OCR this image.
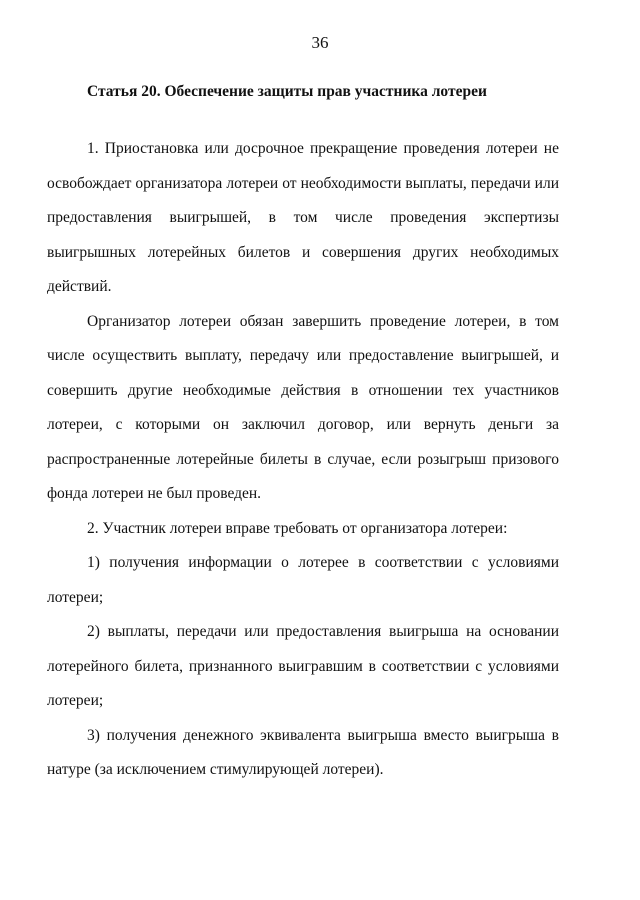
36
Статья 20. Обеспечение защиты прав участника лотереи

1. Приостановка или досрочное прекращение проведения лотереи не освобождает организатора лотереи от необходимости выплаты, передачи или предоставления выигрышей, в том числе проведения экспертизы выигрышных лотерейных билетов и совершения других необходимых действий.

Организатор лотереи обязан завершить проведение лотереи, в том числе осуществить выплату, передачу или предоставление выигрышей, и совершить другие необходимые действия в отношении тех участников лотереи, с которыми он заключил договор, или вернуть деньги за распространенные лотерейные билеты в случае, если розыгрыш призового фонда лотереи не был проведен.

2. Участник лотереи вправе требовать от организатора лотереи:

1) получения информации о лотерее в соответствии с условиями лотереи;

2) выплаты, передачи или предоставления выигрыша на основании лотерейного билета, признанного выигравшим в соответствии с условиями лотереи;

3) получения денежного эквивалента выигрыша вместо выигрыша в натуре (за исключением стимулирующей лотереи).
